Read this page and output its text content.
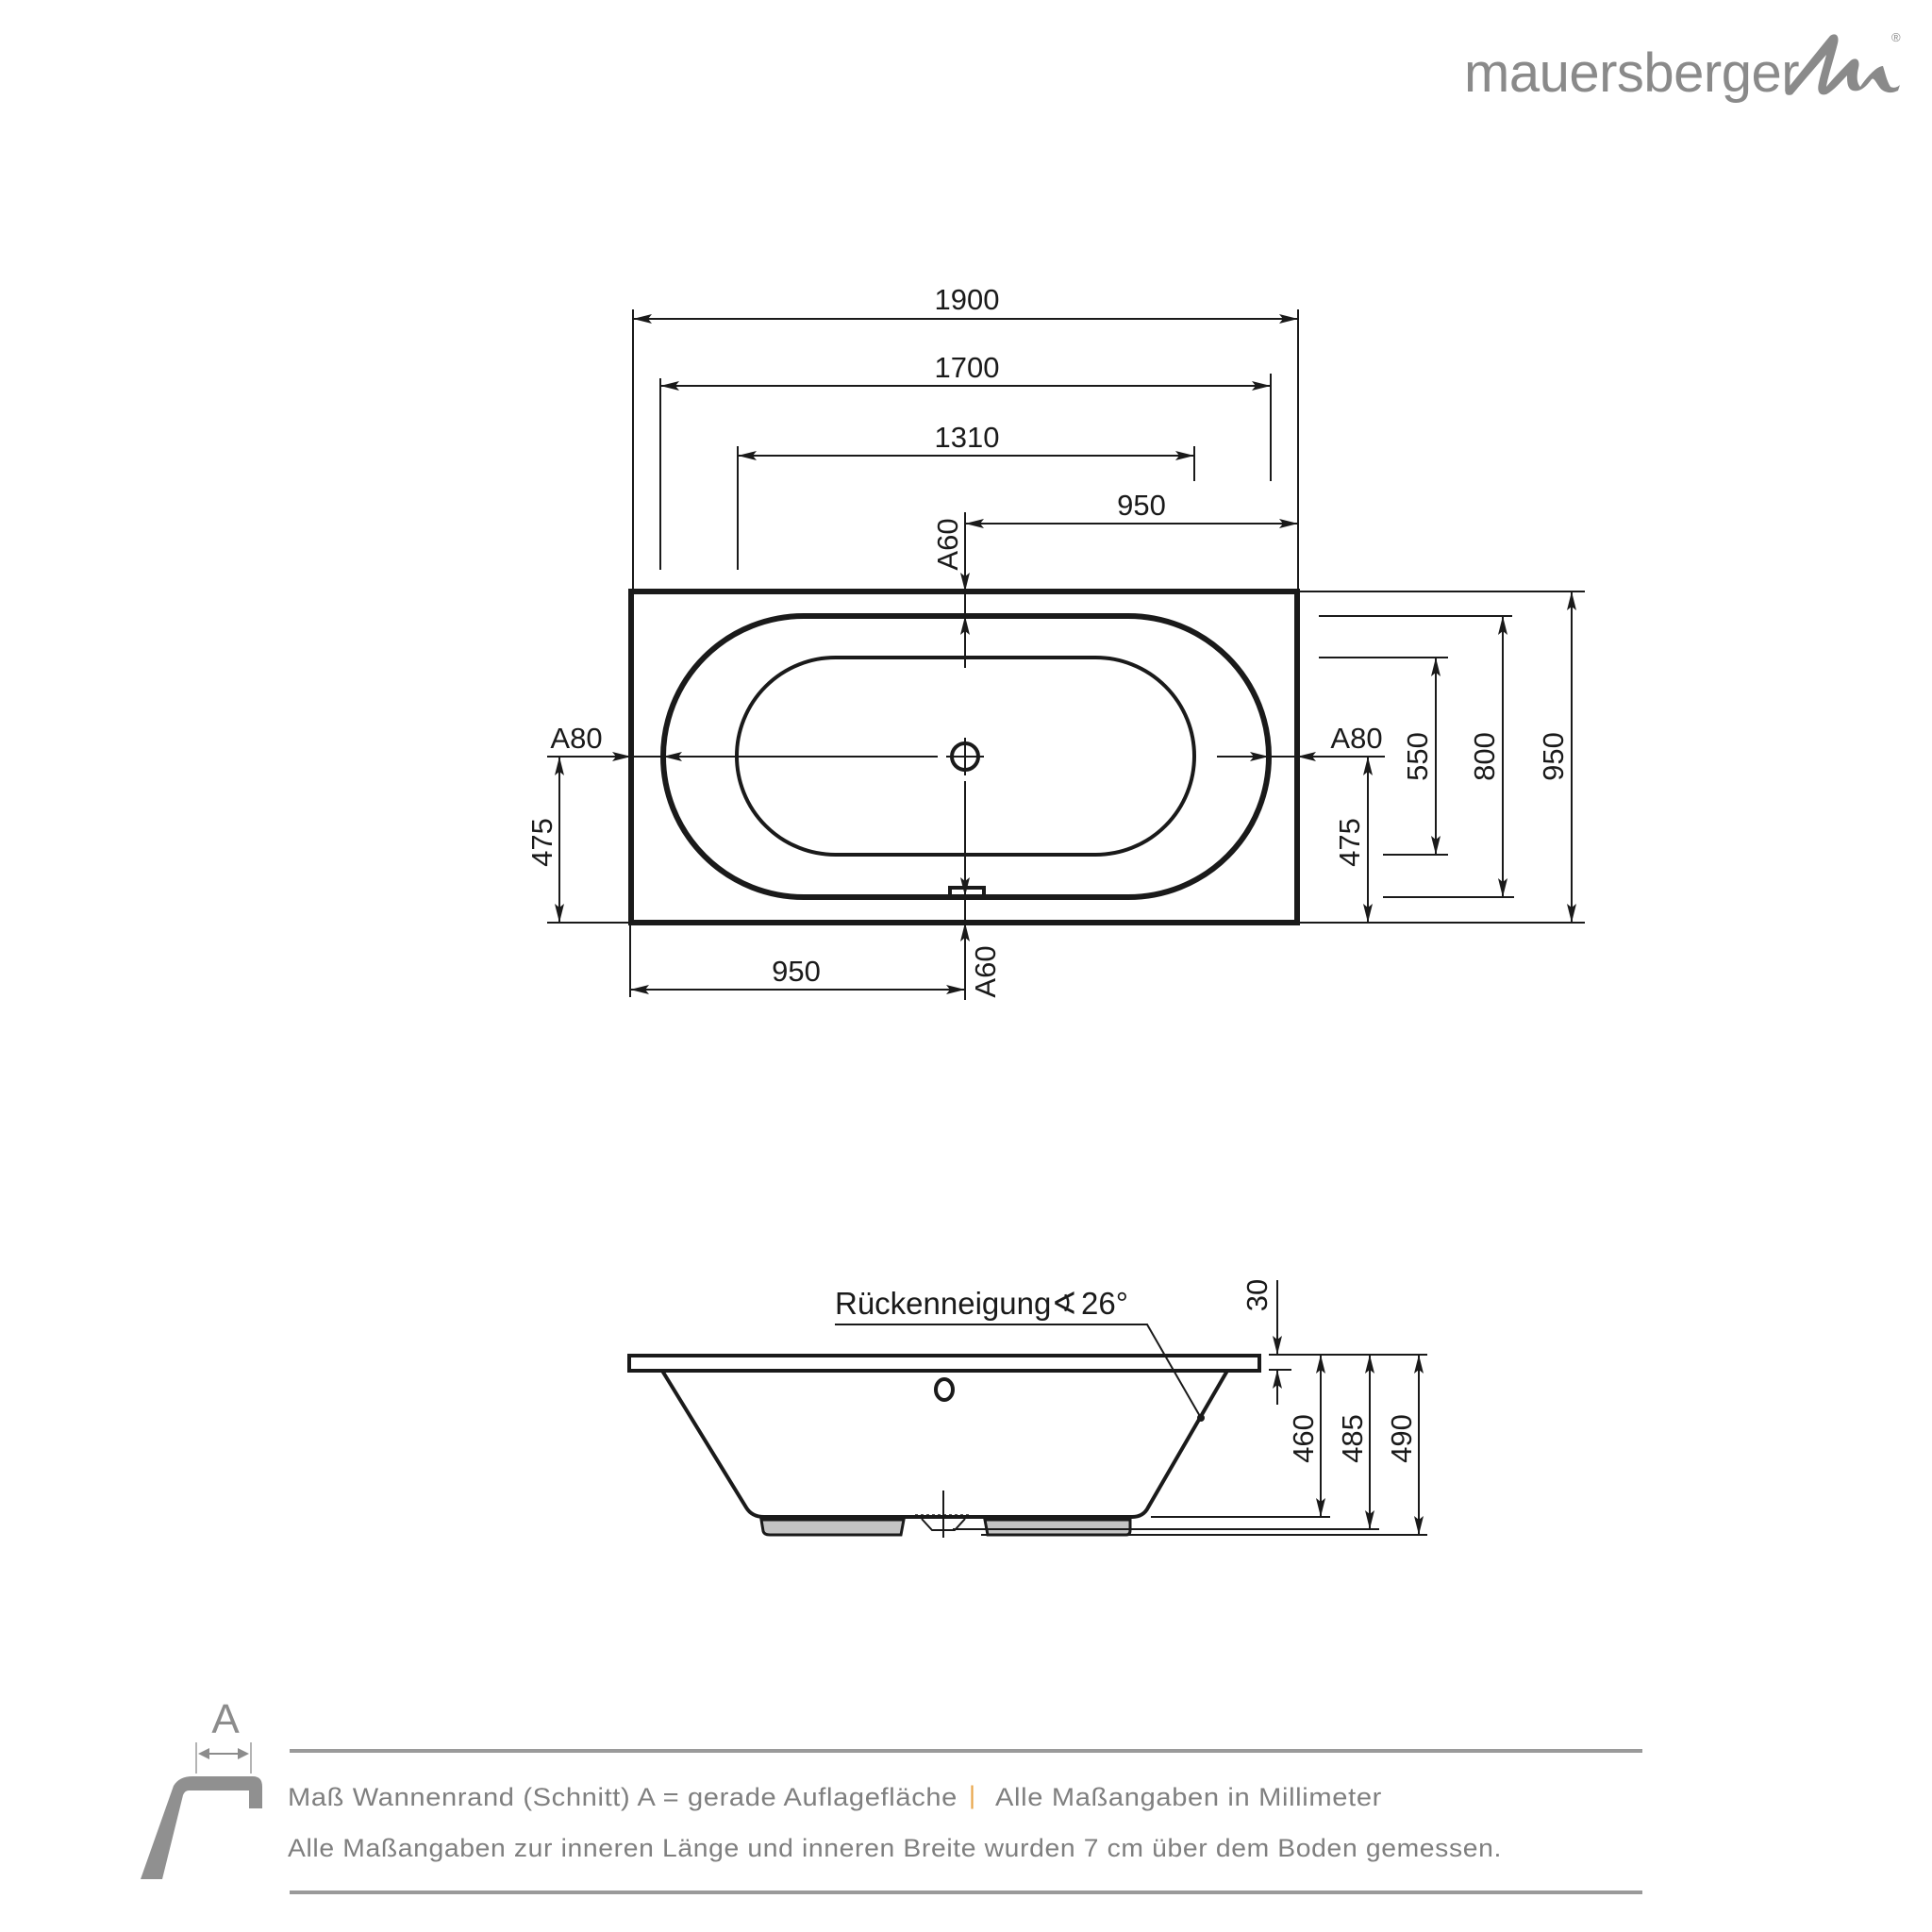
mauersberger
®
1900
1700
1310
950
950
A60
A60
A80	A80
475
950
800
550
475
Rückenneigung∢ 26°	30
460 485 490
A
Maß Wannenrand (Schnitt) A = gerade Auflagefläche | Alle Maßangaben in Millimeter
Alle Maßangaben zur inneren Länge und inneren Breite wurden 7 cm über dem Boden gemessen.
